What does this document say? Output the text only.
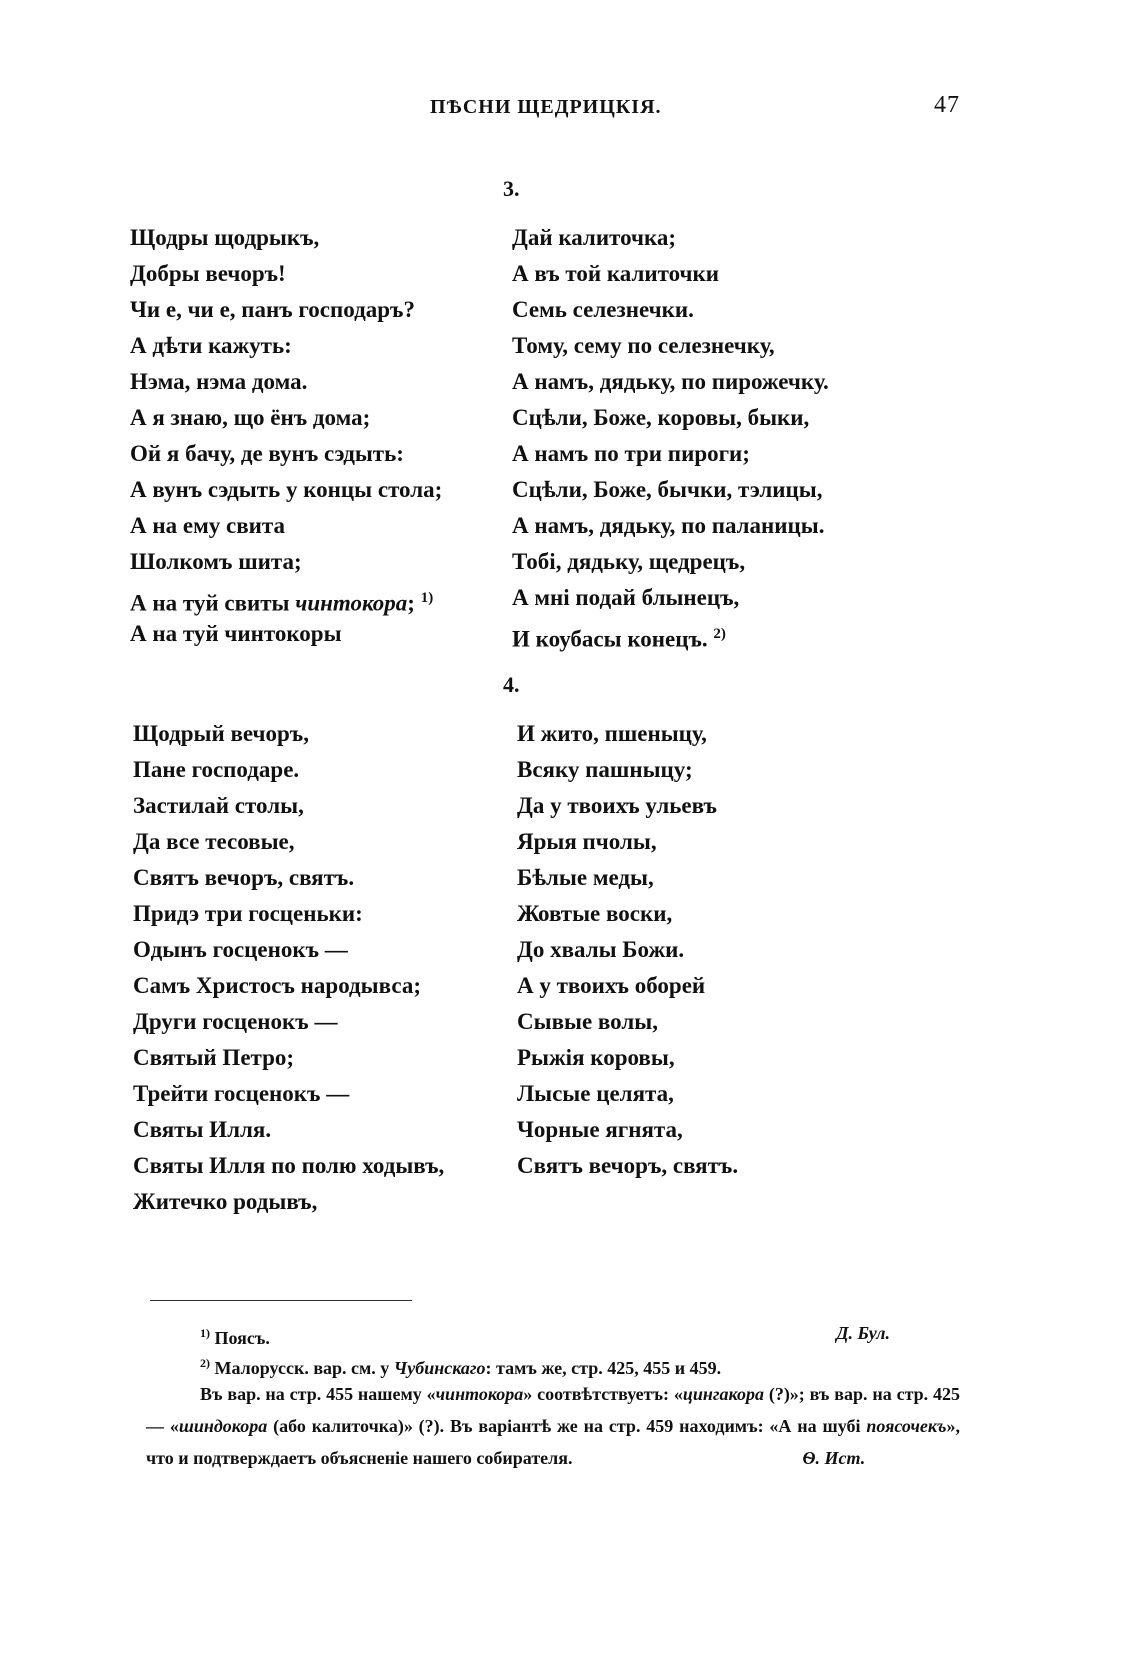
ПѢСНИ ЩЕДРИЦКІЯ.	47
3.
Щодры щодрыкъ,
Добры вечоръ!
Чи е, чи е, панъ господаръ?
А дѣти кажуть:
Нэма, нэма дома.
А я знаю, що ёнъ дома;
Ой я бачу, де вунъ сэдыть:
А вунъ сэдыть у концы стола;
А на ему свита
Шолкомъ шита;
А на туй свиты чинтокора; $^{1)}$
А на туй чинтокоры
Дай калиточка;
А въ той калиточки
Семь селезнечки.
Тому, сему по селезнечку,
А намъ, дядьку, по пирожечку.
Сцѣли, Боже, коровы, быки,
А намъ по три пироги;
Сцѣли, Боже, бычки, тэлицы,
А намъ, дядьку, по паланицы.
Тобі, дядьку, щедрецъ,
А мні подай блынецъ,
И коубасы конецъ. $^{2)}$
4.
Щодрый вечоръ,
Пане господаре.
Застилай столы,
Да все тесовые,
Святъ вечоръ, святъ.
Придэ три госценьки:
Одынъ госценокъ —
Самъ Христосъ народывса;
Други госценокъ —
Святый Петро;
Трейти госценокъ —
Святы Илля.
Святы Илля по полю ходывъ,
Житечко родывъ,
И жито, пшеныцу,
Всяку пашныцу;
Да у твоихъ ульевъ
Ярыя пчолы,
Бѣлые меды,
Жовтые воски,
До хвалы Божи.
А у твоихъ оборей
Сывые волы,
Рыжія коровы,
Лысые целята,
Чорные ягнята,
Святъ вечоръ, святъ.
$^{1)}$ Поясъ.	Д. Бул.
$^{2)}$ Малорусск. вар. см. у Чубинскаго: тамъ же, стр. 425, 455 и 459.
Въ вар. на стр. 455 нашему «чинтокора» соотвѣтствуетъ: «цингакора (?)»; въ вар. на стр. 425 — «шиндокора (або калиточка)» (?). Въ варіантѣ же на стр. 459 находимъ: «А на шубі поясочекъ», что и подтверждаетъ объясненіе нашего собирателя.	Ѳ. Ист.
